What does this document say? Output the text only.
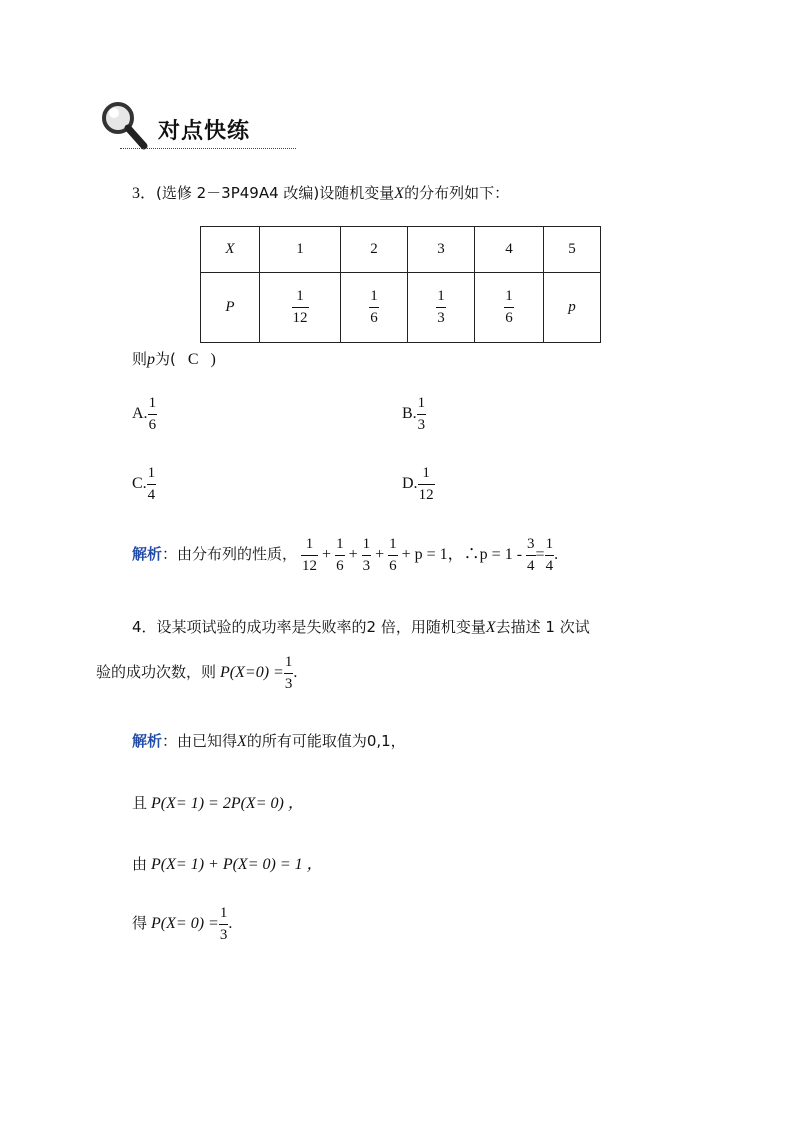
对点快练
3．(选修 2－3P49A4 改编)设随机变量X的分布列如下：
X	1	2	3	4	5
P	$\frac{1}{12}$	$\frac{1}{6}$	$\frac{1}{3}$	$\frac{1}{6}$	p
则p为( C )
A. $\frac{1}{6}$	B. $\frac{1}{3}$
C. $\frac{1}{4}$	D. $\frac{1}{12}$
解析：由分布列的性质， $\frac{1}{12} + \frac{1}{6} + \frac{1}{3} + \frac{1}{6} + p = 1$，∴p = $1 - \frac{3}{4} = \frac{1}{4}$ .
4．设某项试验的成功率是失败率的2 倍，用随机变量X去描述 1 次试
验的成功次数，则 $P(X=0) = \frac{1}{3}$ .
解析：由已知得X的所有可能取值为0,1，
且 P(X= 1) = 2P(X= 0) ，
由 P(X= 1) + P(X= 0) = 1 ，
得 $P(X= 0) = \frac{1}{3}$ .
